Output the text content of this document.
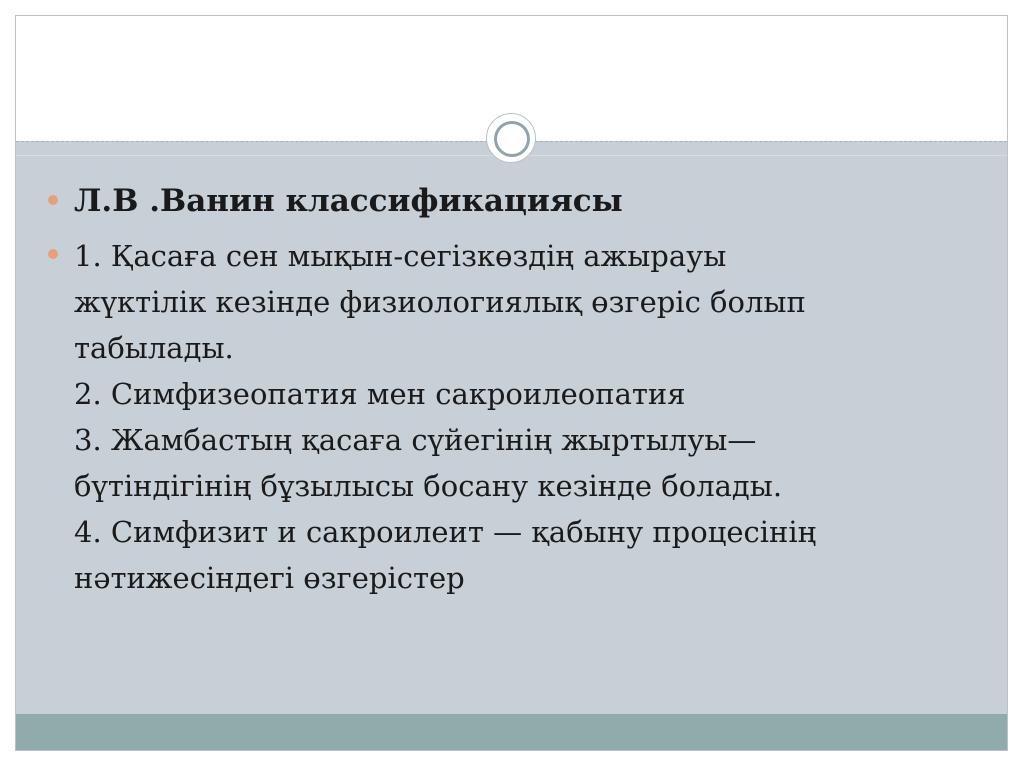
Л.В .Ванин классификациясы
1. Қасаға сен мықын-сегізкөздің ажырауы
жүктілік кезінде физиологиялық өзгеріс болып
табылады.
2. Симфизеопатия мен сакроилеопатия
3. Жамбастың қасаға сүйегінің жыртылуы—
бүтіндігінің бұзылысы босану кезінде болады.
4. Симфизит и сакроилеит — қабыну процесінің
нәтижесіндегі өзгерістер
